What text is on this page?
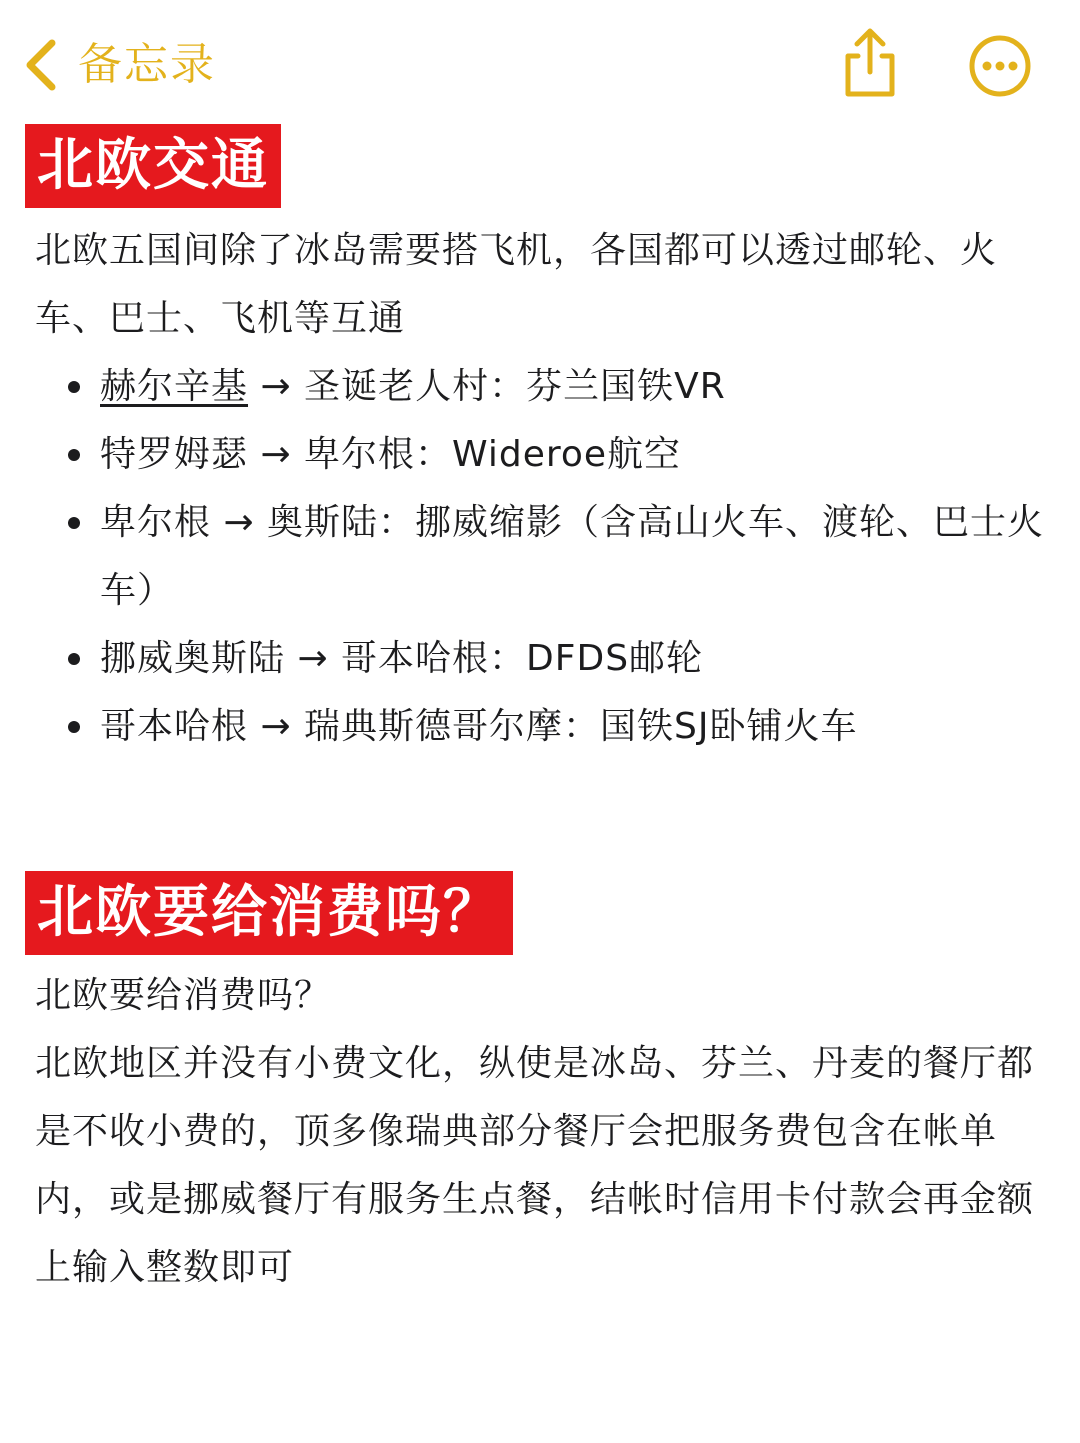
备忘录
北欧交通

北欧五国间除了冰岛需要搭飞机，各国都可以透过邮轮、火车、巴士、飞机等互通

赫尔辛基 → 圣诞老人村：芬兰国铁VR
特罗姆瑟 → 卑尔根：Wideroe航空
卑尔根 → 奥斯陆：挪威缩影（含高山火车、渡轮、巴士火车）
挪威奥斯陆 → 哥本哈根：DFDS邮轮
哥本哈根 → 瑞典斯德哥尔摩：国铁SJ卧铺火车
北欧要给消费吗？

北欧要给消费吗？

北欧地区并没有小费文化，纵使是冰岛、芬兰、丹麦的餐厅都是不收小费的，顶多像瑞典部分餐厅会把服务费包含在帐单内，或是挪威餐厅有服务生点餐，结帐时信用卡付款会再金额上输入整数即可
